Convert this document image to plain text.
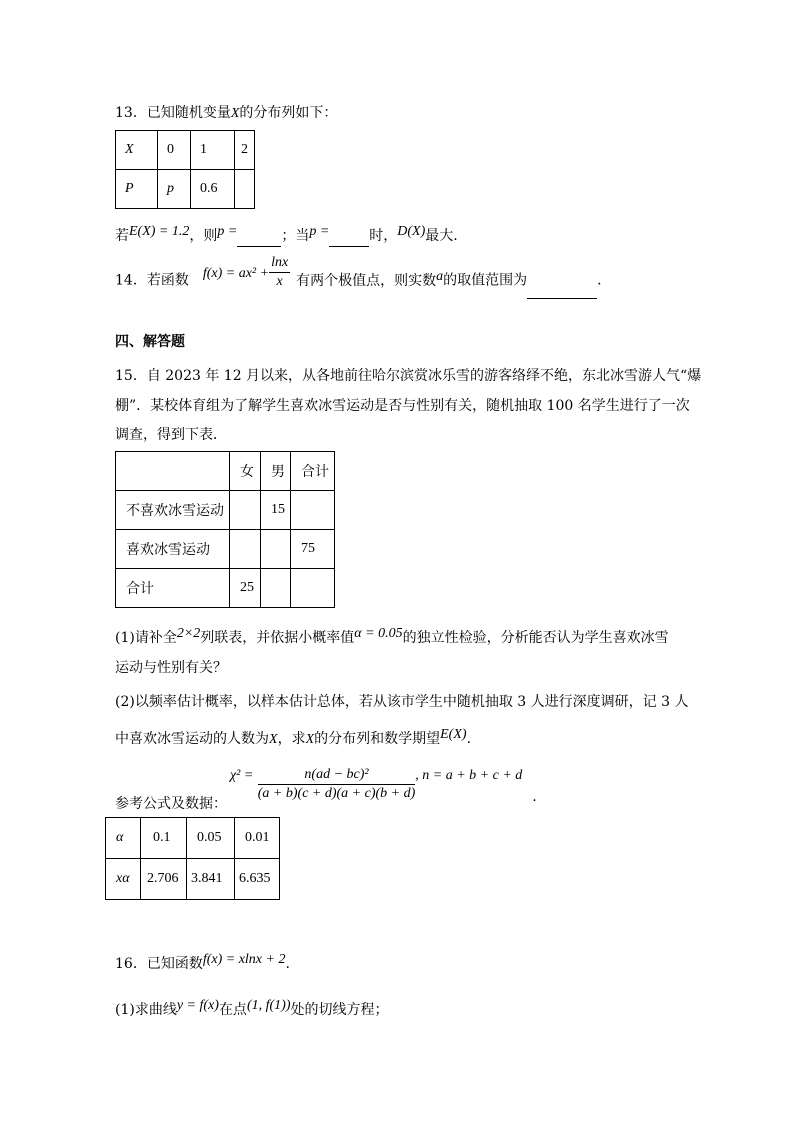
13．已知随机变量X的分布列如下：
X	0	1	2
P	p	0.6	
若E(X) = 1.2，则p =	；当p =	时，D(X)最大.
14．若函数 $f(x) = ax^2 + \frac{\ln x}{x}$ 有两个极值点，则实数a的取值范围为	.
四、解答题
15．自 2023 年 12 月以来，从各地前往哈尔滨赏冰乐雪的游客络绎不绝，东北冰雪游人气“爆
棚”．某校体育组为了解学生喜欢冰雪运动是否与性别有关，随机抽取 100 名学生进行了一次
调查，得到下表．
	女	男	合计
不喜欢冰雪运动		15	
喜欢冰雪运动			75
合计	25		
(1)请补全2×2列联表，并依据小概率值α = 0.05的独立性检验，分析能否认为学生喜欢冰雪
运动与性别有关？
(2)以频率估计概率，以样本估计总体，若从该市学生中随机抽取 3 人进行深度调研，记 3 人
中喜欢冰雪运动的人数为X，求X的分布列和数学期望E(X).
参考公式及数据：
$\chi^2 = \frac{\text{n(ad − bc)²}}{(a + b)(c + d)(a + c)(b + d)}$ , n = a + b + c + d.
α	0.1	0.05	0.01
xα	2.706	3.841	6.635
16．已知函数f(x) = xlnx + 2.
(1)求曲线y = f(x)在点(1, f(1))处的切线方程；
